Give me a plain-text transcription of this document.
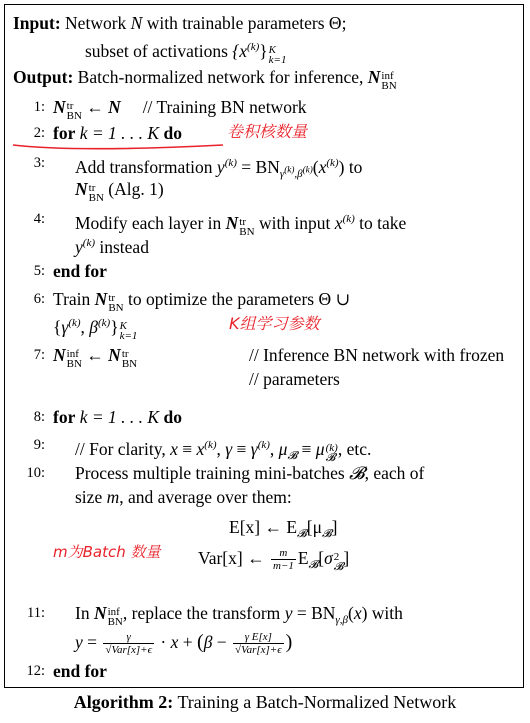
Input: Network N with trainable parameters Θ;
subset of activations $\{x^{(k)}\}$ K
k=1
Output: Batch-normalized network for inference, N inf
BN
1: N tr
BN ← N // Training BN network
2: for k = 1 . . . K do	卷积核数量
3: Add transformation $y^{(k)} = BN_{\gamma^{(k)},\beta^{(k)}}(x^{(k)})$ to
N tr
BN (Alg. 1)
4: Modify each layer in N tr
BN with input $x^{(k)}$ to take
$y^{(k)}$ instead
5: end for
6: Train N tr
BN to optimize the parameters Θ ∪
{$\gamma^{(k)}$, $\beta^{(k)}$} K
k=1
K组学习参数
7: N inf
BN ← N tr
BN	// Inference BN network with frozen
// parameters
8: for k = 1 . . . K do
9: // For clarity, $x \equiv x^{(k)}$, $\gamma \equiv \gamma^{(k)}$, $\mu_𝓑 \equiv \mu$ (k)
𝓑 , etc.
10: Process multiple training mini-batches 𝓑, each of
size m, and average over them:
E[x] ← $E_𝓑[\mu_𝓑]$
Var[x] ← $\frac{m}{m-1} E_𝓑[\sigma$ 2
𝓑 ]
m为Batch 数量
11: In N inf
BN , replace the transform $y = BN_{\gamma,\beta}(x)$ with
$y = \frac{\gamma}{\text{√Var[x]+ϵ}} \cdot x + (\beta - \frac{\text{γ E[x]}}{\text{√Var[x]+ϵ}}$ )
12: end for
Algorithm 2: Training a Batch-Normalized Network
